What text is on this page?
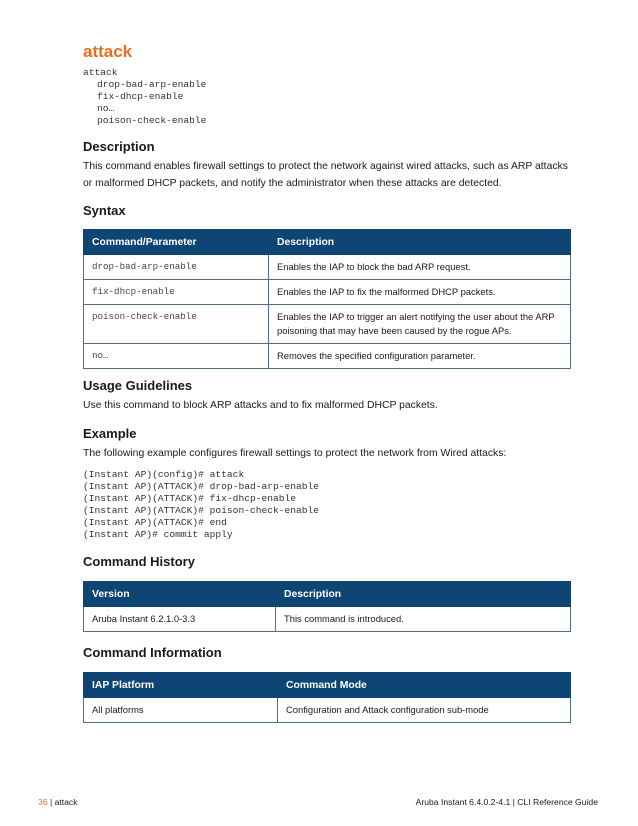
attack
attack
drop-bad-arp-enable
fix-dhcp-enable
no…
poison-check-enable
Description

This command enables firewall settings to protect the network against wired attacks, such as ARP attacks or malformed DHCP packets, and notify the administrator when these attacks are detected.

Syntax
Command/Parameter	Description
drop-bad-arp-enable	Enables the IAP to block the bad ARP request.
fix-dhcp-enable	Enables the IAP to fix the malformed DHCP packets.
poison-check-enable	Enables the IAP to trigger an alert notifying the user about the ARP poisoning that may have been caused by the rogue APs.
no…	Removes the specified configuration parameter.
Usage Guidelines

Use this command to block ARP attacks and to fix malformed DHCP packets.

Example

The following example configures firewall settings to protect the network from Wired attacks:

(Instant AP)(config)# attack
(Instant AP)(ATTACK)# drop-bad-arp-enable
(Instant AP)(ATTACK)# fix-dhcp-enable
(Instant AP)(ATTACK)# poison-check-enable
(Instant AP)(ATTACK)# end
(Instant AP)# commit apply
Command History
Version	Description
Aruba Instant 6.2.1.0-3.3	This command is introduced.
Command Information
IAP Platform	Command Mode
All platforms	Configuration and Attack configuration sub-mode
36 | attack	Aruba Instant 6.4.0.2-4.1 | CLI Reference Guide
